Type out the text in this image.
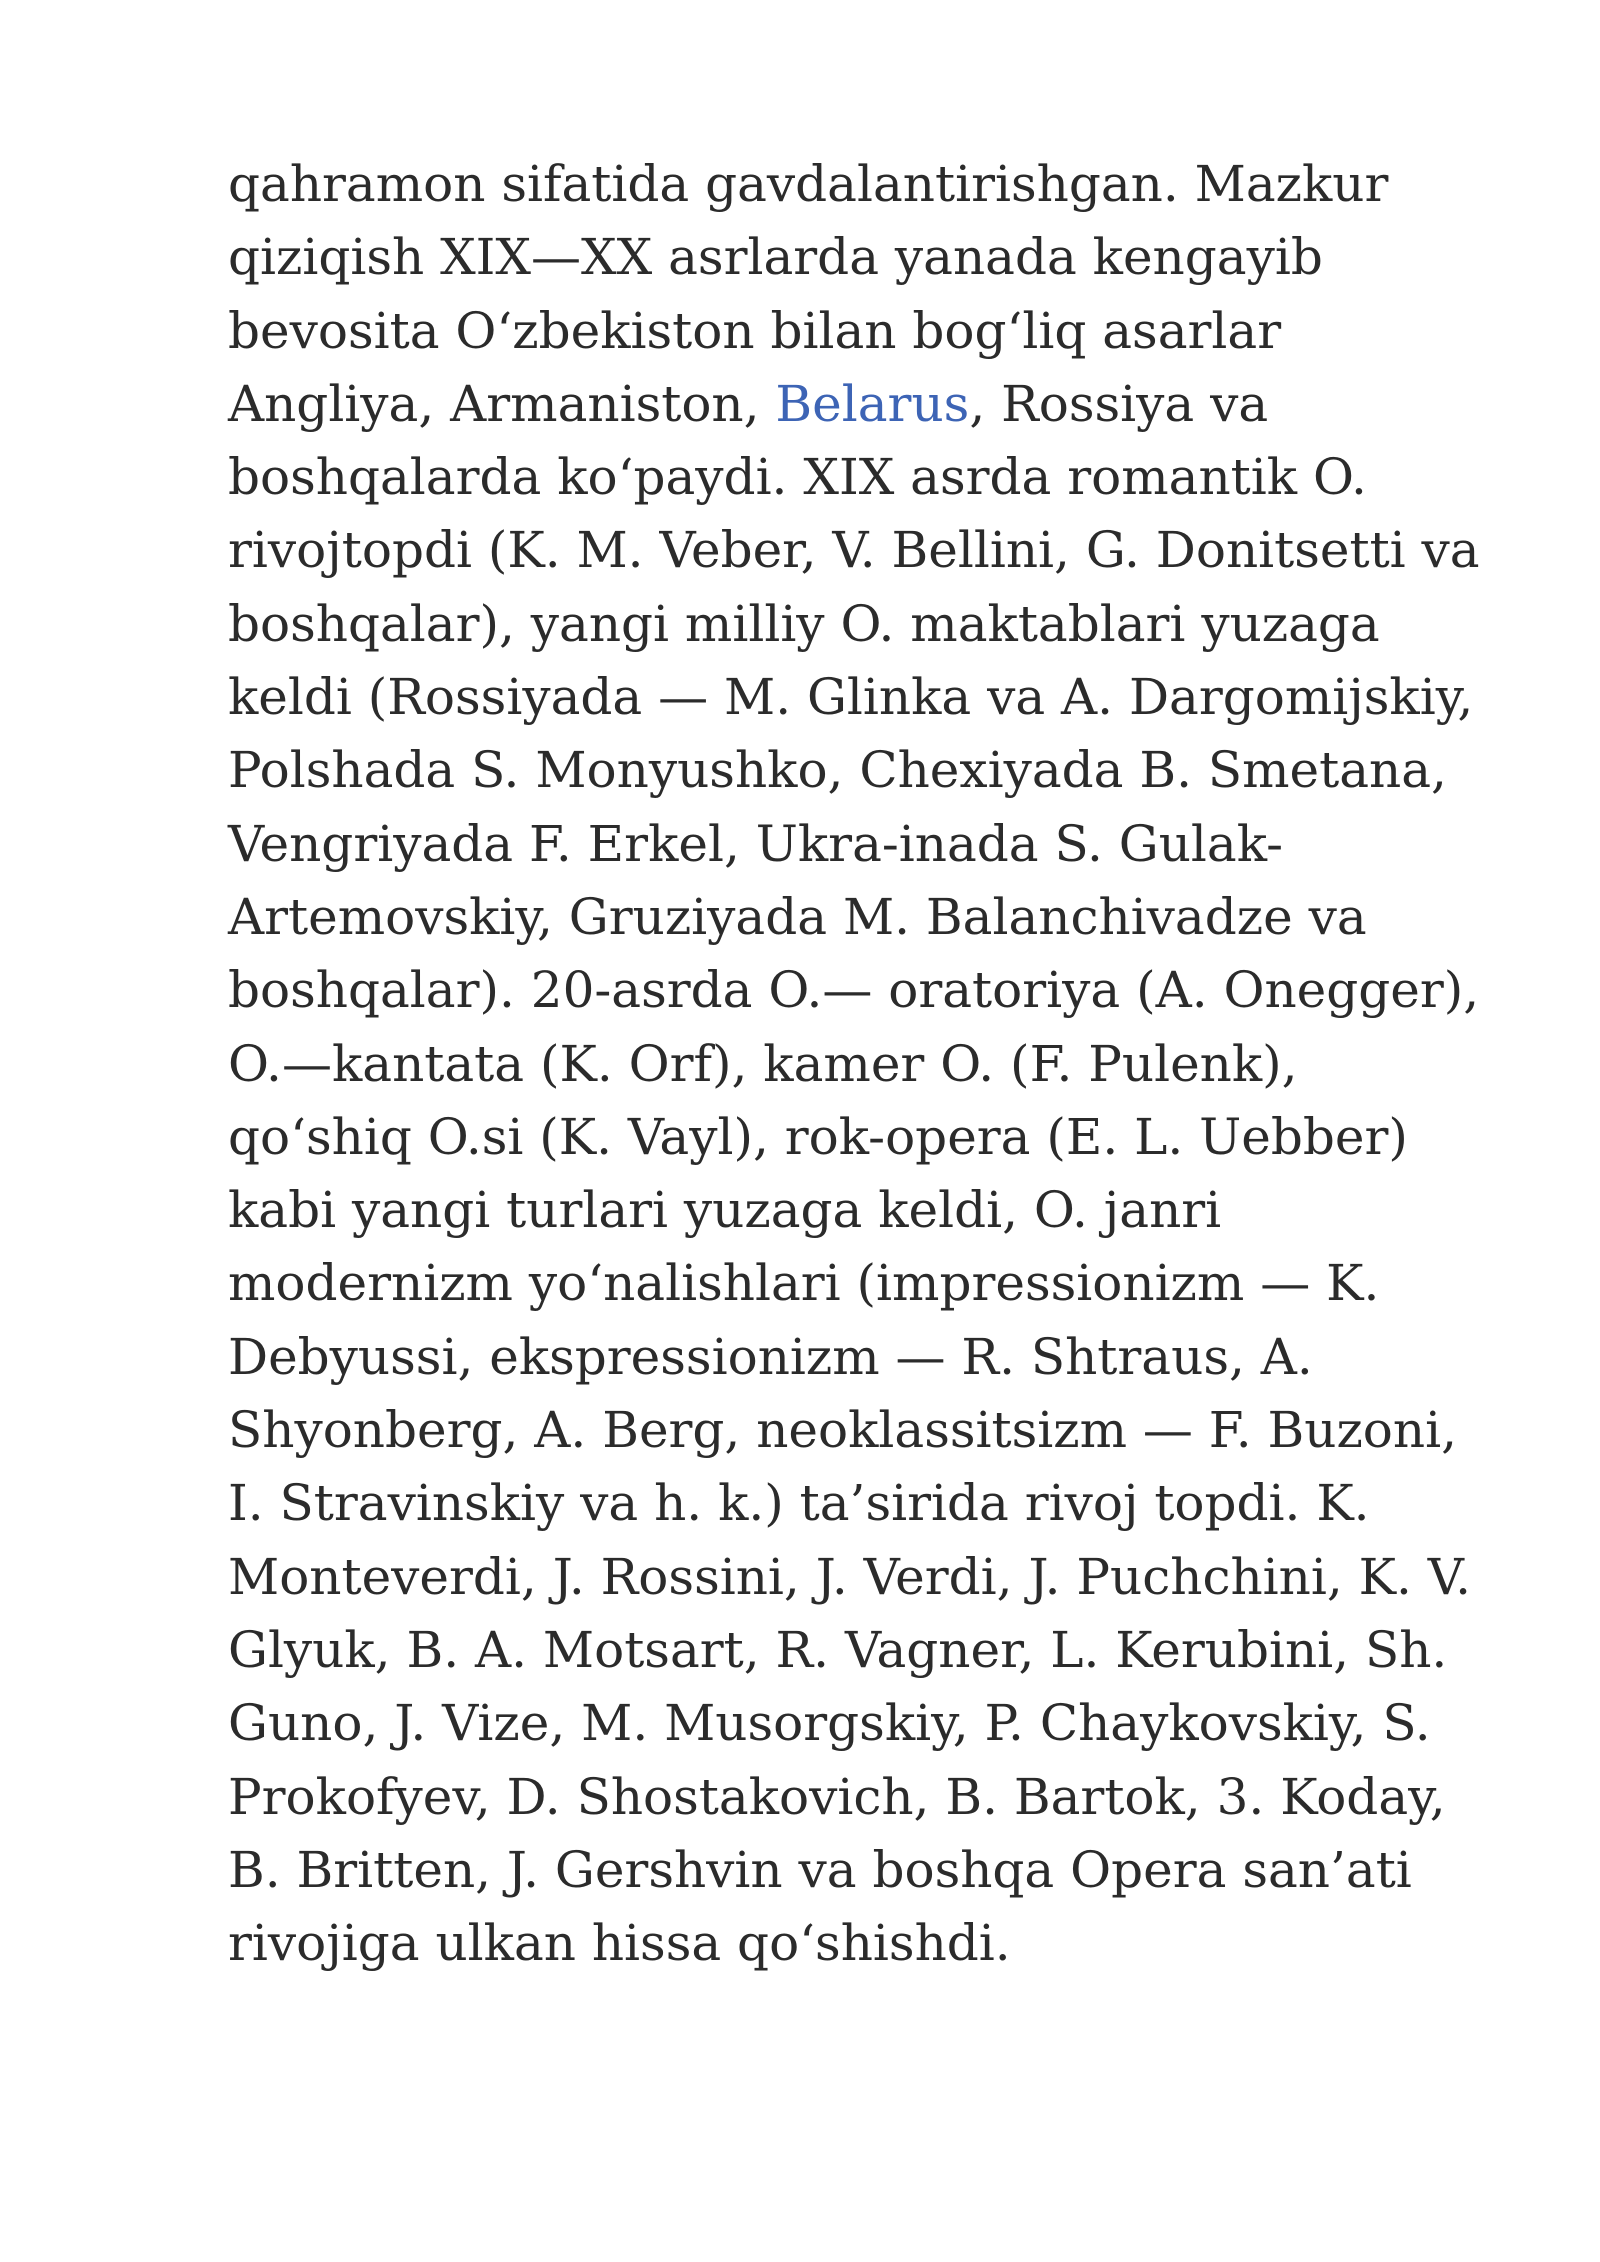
qahramon sifatida gavdalantirishgan. Mazkur
qiziqish XIX—XX asrlarda yanada kengayib
bevosita O‘zbekiston bilan bog‘liq asarlar
Angliya, Armaniston, Belarus, Rossiya va
boshqalarda ko‘paydi. XIX asrda romantik O.
rivojtopdi (K. M. Veber, V. Bellini, G. Donitsetti va
boshqalar), yangi milliy O. maktablari yuzaga
keldi (Rossiyada — M. Glinka va A. Dargomijskiy,
Polshada S. Monyushko, Chexiyada B. Smetana,
Vengriyada F. Erkel, Ukra-inada S. Gulak-
Artemovskiy, Gruziyada M. Balanchivadze va
boshqalar). 20-asrda O.— oratoriya (A. Onegger),
O.—kantata (K. Orf), kamer O. (F. Pulenk),
qo‘shiq O.si (K. Vayl), rok-opera (E. L. Uebber)
kabi yangi turlari yuzaga keldi, O. janri
modernizm yo‘nalishlari (impressionizm — K.
Debyussi, ekspressionizm — R. Shtraus, A.
Shyonberg, A. Berg, neoklassitsizm — F. Buzoni,
I. Stravinskiy va h. k.) ta’sirida rivoj topdi. K.
Monteverdi, J. Rossini, J. Verdi, J. Puchchini, K. V.
Glyuk, B. A. Motsart, R. Vagner, L. Kerubini, Sh.
Guno, J. Vize, M. Musorgskiy, P. Chaykovskiy, S.
Prokofyev, D. Shostakovich, B. Bartok, 3. Koday,
B. Britten, J. Gershvin va boshqa Opera san’ati
rivojiga ulkan hissa qo‘shishdi.
